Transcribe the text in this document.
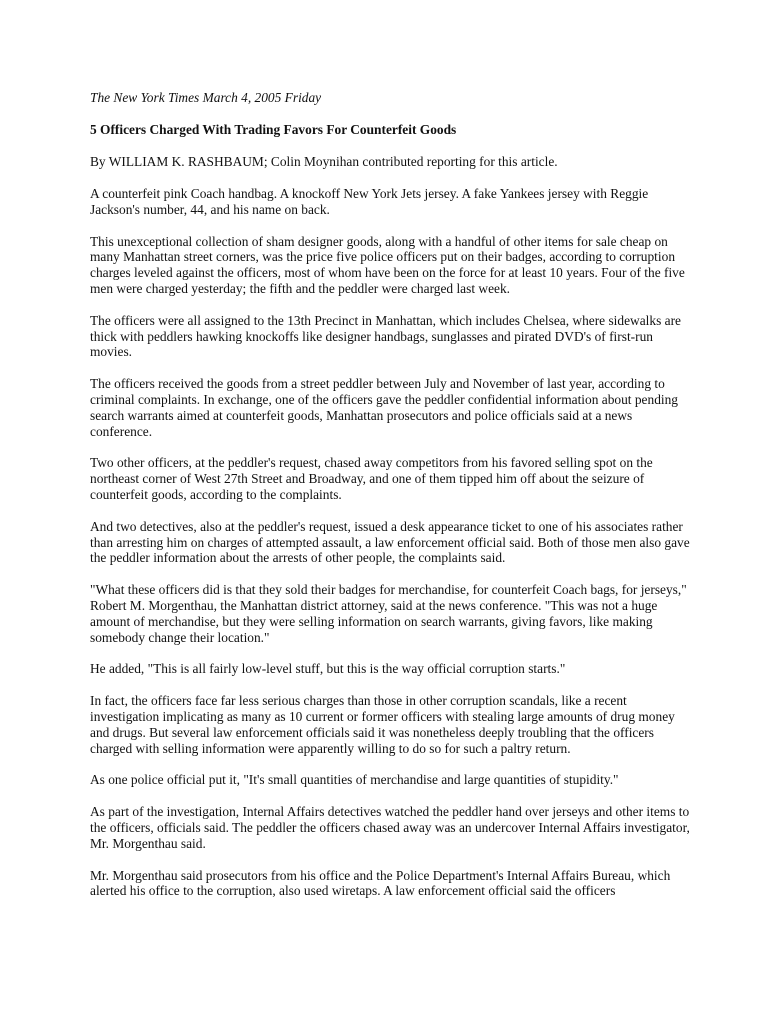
The New York Times March 4, 2005 Friday

5 Officers Charged With Trading Favors For Counterfeit Goods

By WILLIAM K. RASHBAUM; Colin Moynihan contributed reporting for this article.

A counterfeit pink Coach handbag. A knockoff New York Jets jersey. A fake Yankees jersey with Reggie Jackson's number, 44, and his name on back.

This unexceptional collection of sham designer goods, along with a handful of other items for sale cheap on many Manhattan street corners, was the price five police officers put on their badges, according to corruption charges leveled against the officers, most of whom have been on the force for at least 10 years. Four of the five men were charged yesterday; the fifth and the peddler were charged last week.

The officers were all assigned to the 13th Precinct in Manhattan, which includes Chelsea, where sidewalks are thick with peddlers hawking knockoffs like designer handbags, sunglasses and pirated DVD's of first-run movies.

The officers received the goods from a street peddler between July and November of last year, according to criminal complaints. In exchange, one of the officers gave the peddler confidential information about pending search warrants aimed at counterfeit goods, Manhattan prosecutors and police officials said at a news conference.

Two other officers, at the peddler's request, chased away competitors from his favored selling spot on the northeast corner of West 27th Street and Broadway, and one of them tipped him off about the seizure of counterfeit goods, according to the complaints.

And two detectives, also at the peddler's request, issued a desk appearance ticket to one of his associates rather than arresting him on charges of attempted assault, a law enforcement official said. Both of those men also gave the peddler information about the arrests of other people, the complaints said.

"What these officers did is that they sold their badges for merchandise, for counterfeit Coach bags, for jerseys," Robert M. Morgenthau, the Manhattan district attorney, said at the news conference. "This was not a huge amount of merchandise, but they were selling information on search warrants, giving favors, like making somebody change their location."

He added, "This is all fairly low-level stuff, but this is the way official corruption starts."

In fact, the officers face far less serious charges than those in other corruption scandals, like a recent investigation implicating as many as 10 current or former officers with stealing large amounts of drug money and drugs. But several law enforcement officials said it was nonetheless deeply troubling that the officers charged with selling information were apparently willing to do so for such a paltry return.

As one police official put it, "It's small quantities of merchandise and large quantities of stupidity."

As part of the investigation, Internal Affairs detectives watched the peddler hand over jerseys and other items to the officers, officials said. The peddler the officers chased away was an undercover Internal Affairs investigator, Mr. Morgenthau said.

Mr. Morgenthau said prosecutors from his office and the Police Department's Internal Affairs Bureau, which alerted his office to the corruption, also used wiretaps. A law enforcement official said the officers
